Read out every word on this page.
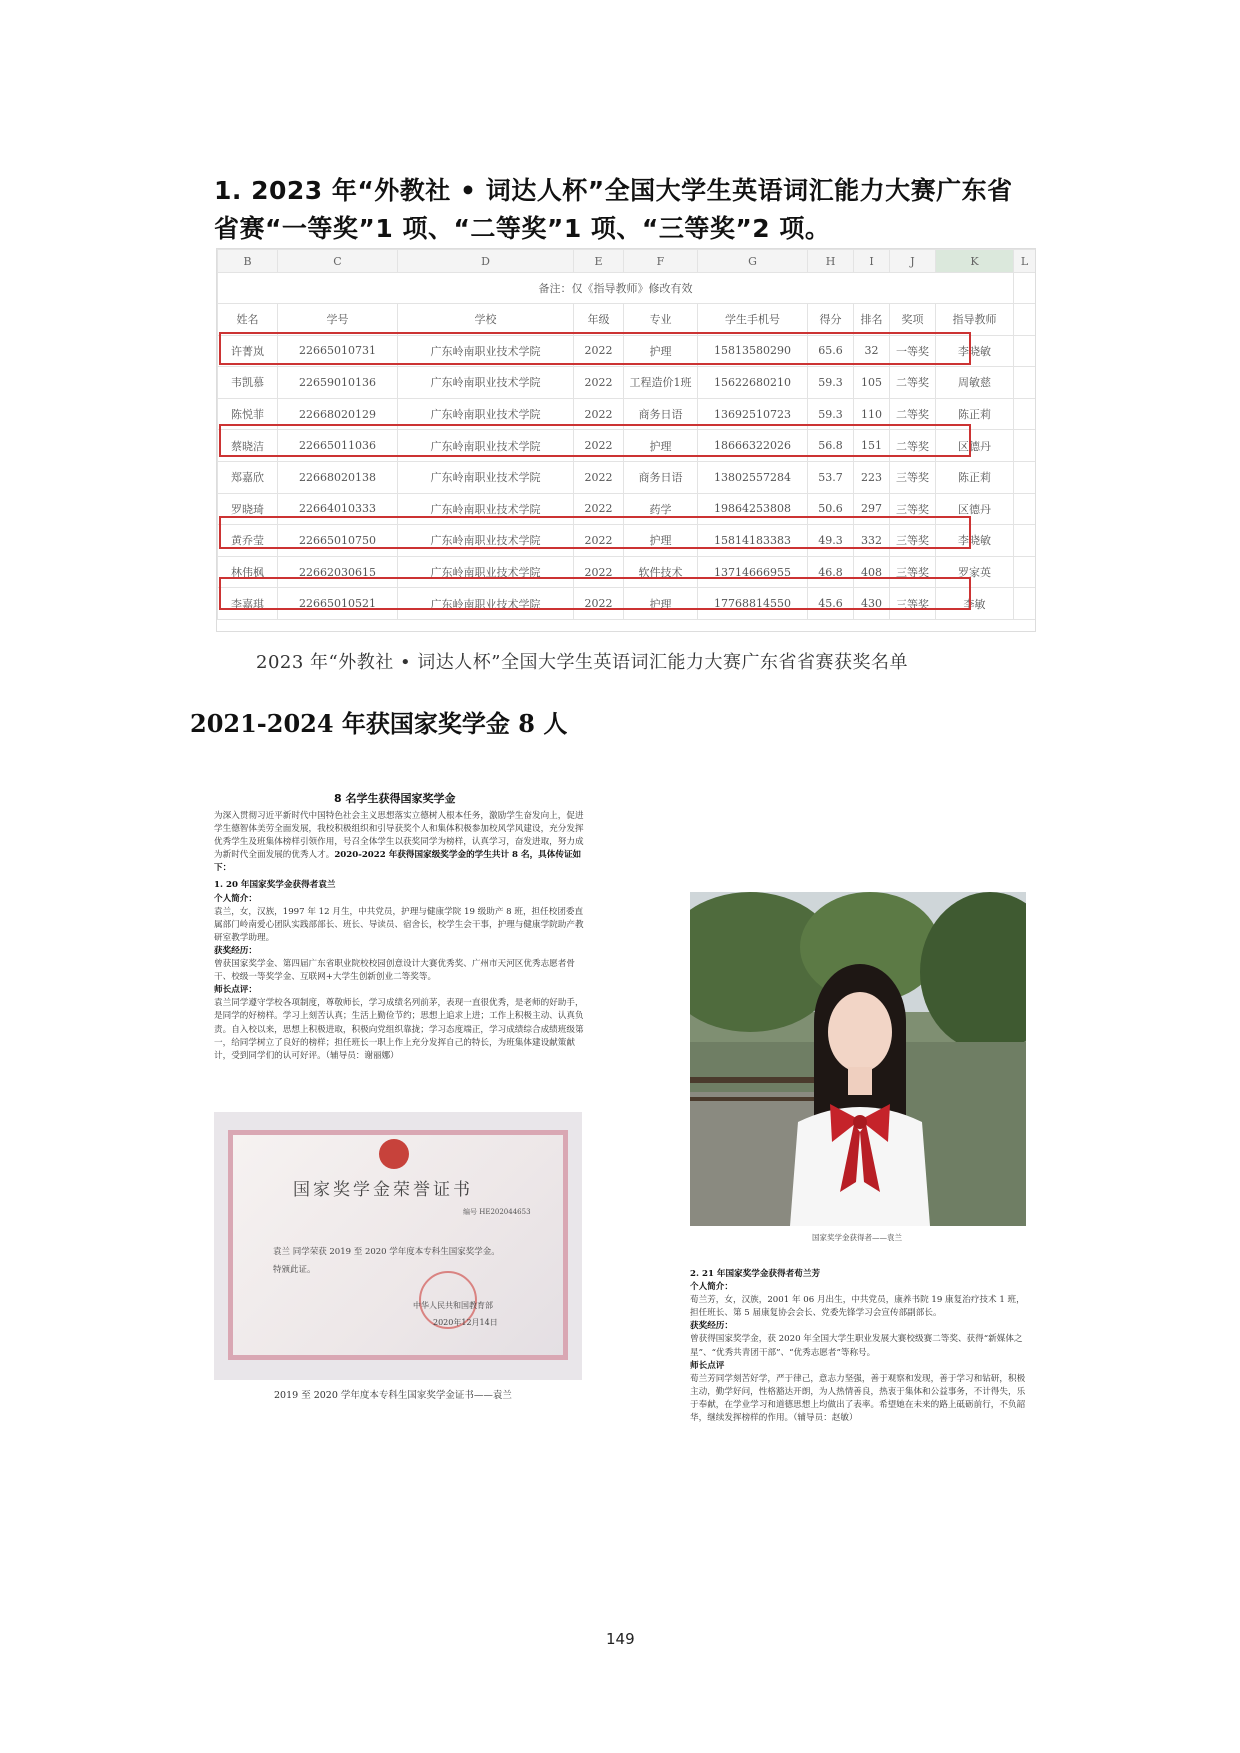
1. 2023 年“外教社 • 词达人杯”全国大学生英语词汇能力大赛广东省省赛“一等奖”1 项、“二等奖”1 项、“三等奖”2 项。
B	C	D	E	F	G	H	I	J	K	L
备注：仅《指导教师》修改有效										
姓名	学号	学校	年级	专业	学生手机号	得分	排名	奖项	指导教师	
许菁岚	22665010731	广东岭南职业技术学院	2022	护理	15813580290	65.6	32	一等奖	李晓敏	
韦凯慕	22659010136	广东岭南职业技术学院	2022	工程造价1班	15622680210	59.3	105	二等奖	周敏慈	
陈悦菲	22668020129	广东岭南职业技术学院	2022	商务日语	13692510723	59.3	110	二等奖	陈正莉	
蔡晓洁	22665011036	广东岭南职业技术学院	2022	护理	18666322026	56.8	151	二等奖	区德丹	
郑嘉欣	22668020138	广东岭南职业技术学院	2022	商务日语	13802557284	53.7	223	三等奖	陈正莉	
罗晓琦	22664010333	广东岭南职业技术学院	2022	药学	19864253808	50.6	297	三等奖	区德丹	
黄乔莹	22665010750	广东岭南职业技术学院	2022	护理	15814183383	49.3	332	三等奖	李晓敏	
林伟枫	22662030615	广东岭南职业技术学院	2022	软件技术	13714666955	46.8	408	三等奖	罗家英	
李嘉琪	22665010521	广东岭南职业技术学院	2022	护理	17768814550	45.6	430	三等奖	李敏	
2023 年“外教社 • 词达人杯”全国大学生英语词汇能力大赛广东省省赛获奖名单
2021-2024 年获国家奖学金 8 人
8 名学生获得国家奖学金

为深入贯彻习近平新时代中国特色社会主义思想落实立德树人根本任务，激励学生奋发向上，促进学生德智体美劳全面发展，我校积极组织和引导获奖个人和集体积极参加校风学风建设，充分发挥优秀学生及班集体榜样引领作用，号召全体学生以获奖同学为榜样，认真学习，奋发进取，努力成为新时代全面发展的优秀人才。2020-2022 年获得国家级奖学金的学生共计 8 名，具体传证如下：

1. 20 年国家奖学金获得者袁兰

个人简介：

袁兰，女，汉族，1997 年 12 月生，中共党员，护理与健康学院 19 级助产 8 班，担任校团委直属部门岭南爱心团队实践部部长、班长、导读员、宿舍长，校学生会干事，护理与健康学院助产教研室教学助理。

获奖经历：

曾获国家奖学金、第四届广东省职业院校校园创意设计大赛优秀奖、广州市天河区优秀志愿者骨干、校级一等奖学金、互联网+大学生创新创业二等奖等。

师长点评：

袁兰同学遵守学校各项制度，尊敬师长，学习成绩名列前茅，表现一直很优秀，是老师的好助手，是同学的好榜样。学习上刻苦认真；生活上勤俭节约；思想上追求上进；工作上积极主动、认真负责。自入校以来，思想上积极进取，积极向党组织靠拢；学习态度端正，学习成绩综合成绩班级第一，给同学树立了良好的榜样；担任班长一职上作上充分发挥自己的特长，为班集体建设献策献计，受到同学们的认可好评。（辅导员：谢丽娜）

国家奖学金荣誉证书
编号 HE202044653
袁兰 同学荣获 2019 至 2020 学年度本专科生国家奖学金。
特颁此证。
中华人民共和国教育部
2020年12月14日
2019 至 2020 学年度本专科生国家奖学金证书——袁兰
国家奖学金获得者——袁兰

2. 21 年国家奖学金获得者荀兰芳

个人简介：

荀兰芳，女，汉族，2001 年 06 月出生，中共党员，康养书院 19 康复治疗技术 1 班，担任班长、第 5 届康复协会会长、党委先锋学习会宣传部副部长。

获奖经历：

曾获得国家奖学金，获 2020 年全国大学生职业发展大赛校级赛二等奖、获得“新媒体之星”、“优秀共青团干部”、“优秀志愿者”等称号。

师长点评

荀兰芳同学刻苦好学，严于律己，意志力坚强，善于观察和发现，善于学习和钻研，积极主动，勤学好问，性格豁达开朗，为人热情善良，热衷于集体和公益事务，不计得失，乐于奉献，在学业学习和道德思想上均做出了表率。希望她在未来的路上砥砺前行，不负韶华，继续发挥榜样的作用。（辅导员：赵敏）

149
